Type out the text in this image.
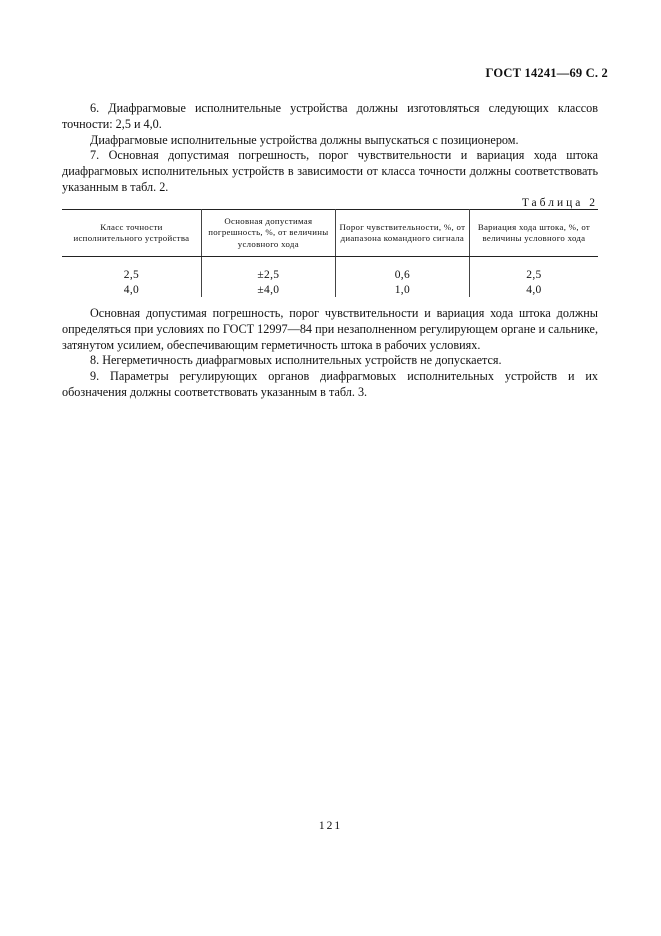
ГОСТ 14241—69 С. 2

6. Диафрагмовые исполнительные устройства должны изготовляться следующих классов точности: 2,5 и 4,0.

Диафрагмовые исполнительные устройства должны выпускаться с позиционером.

7. Основная допустимая погрешность, порог чувствительности и вариация хода штока диафрагмовых исполнительных устройств в зависимости от класса точности должны соответствовать указанным в табл. 2.

Таблица 2
Класс точности исполнительного устройства	Основная допустимая погрешность, %, от величины условного хода	Порог чувствительности, %, от диапазона командного сигнала	Вариация хода штока, %, от величины условного хода

2,5	±2,5	0,6	2,5
4,0	±4,0	1,0	4,0

Основная допустимая погрешность, порог чувствительности и вариация хода штока должны определяться при условиях по ГОСТ 12997—84 при незаполненном регулирующем органе и сальнике, затянутом усилием, обеспечивающим герметичность штока в рабочих условиях.

8. Негерметичность диафрагмовых исполнительных устройств не допускается.

9. Параметры регулирующих органов диафрагмовых исполнительных устройств и их обозначения должны соответствовать указанным в табл. 3.

121
